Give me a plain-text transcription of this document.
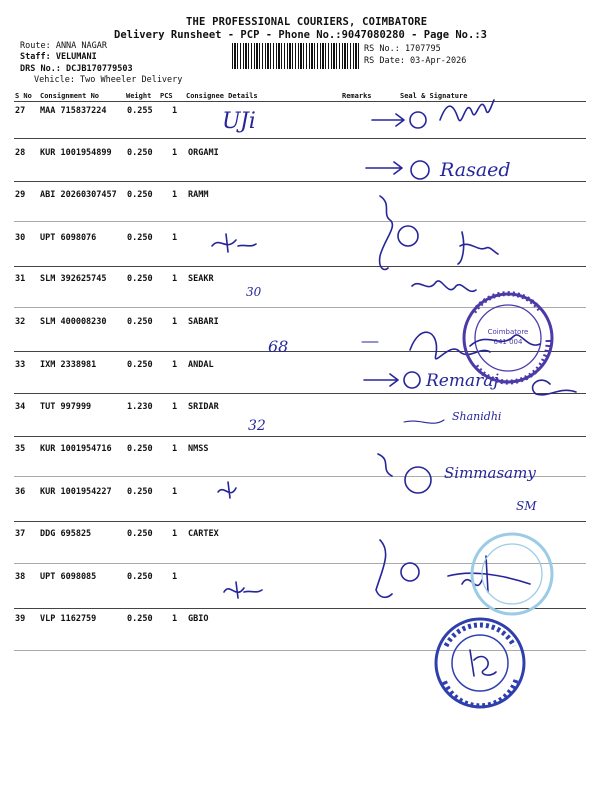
THE PROFESSIONAL COURIERS, COIMBATORE
Delivery Runsheet - PCP - Phone No.:9047080280 - Page No.:3
Route: ANNA NAGAR
Staff: VELUMANI
DRS No.: DCJB170779503
Vehicle: Two Wheeler Delivery
RS No.: 1707795
RS Date: 03-Apr-2026
S No Consignment No	Weight PCS Consignee Details	Remarks	Seal & Signature
27 MAA 715837224 0.255 1
28 KUR 1001954899 0.250 1 ORGAMI
29 ABI 20260307457 0.250 1 RAMM
30 UPT 6098076	0.250 1
31 SLM 392625745 0.250 1 SEAKR
32 SLM 400008230 0.250 1 SABARI
33 IXM 2338981	0.250 1 ANDAL
34 TUT 997999	1.230 1 SRIDAR
35 KUR 1001954716 0.250 1 NMSS
36 KUR 1001954227 0.250 1
37 DDG 695825	0.250 1 CARTEX
38 UPT 6098085	0.250 1
39 VLP 1162759	0.250 1 GBIO
UJi
Rasaed
30
68
Remaraj
32
Shanidhi
Simmasamy
SM
Coimbatore
641 004
